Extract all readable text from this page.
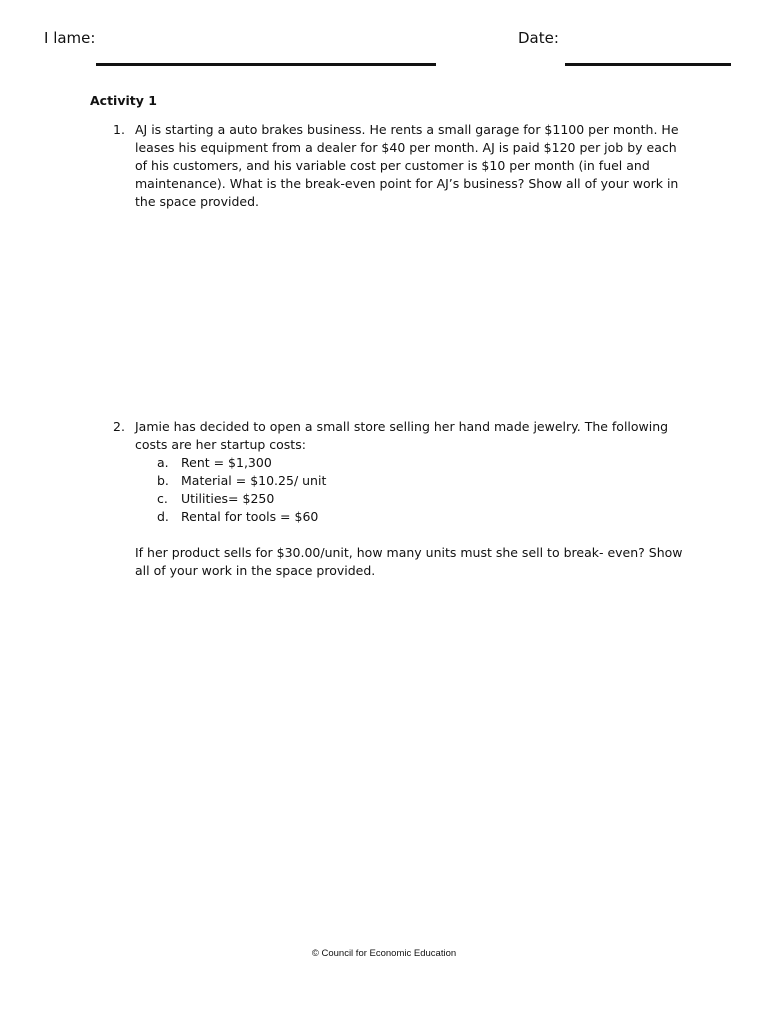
I lame:	Date:
Activity 1
1. AJ is starting a auto brakes business. He rents a small garage for $1100 per month. He leases his equipment from a dealer for $40 per month. AJ is paid $120 per job by each of his customers, and his variable cost per customer is $10 per month (in fuel and maintenance). What is the break-even point for AJ’s business? Show all of your work in the space provided.

2. Jamie has decided to open a small store selling her hand made jewelry. The following costs are her startup costs:

a. Rent = $1,300
b. Material = $10.25/ unit
c. Utilities= $250
d. Rental for tools = $60

If her product sells for $30.00/unit, how many units must she sell to break- even? Show all of your work in the space provided.

© Council for Economic Education
